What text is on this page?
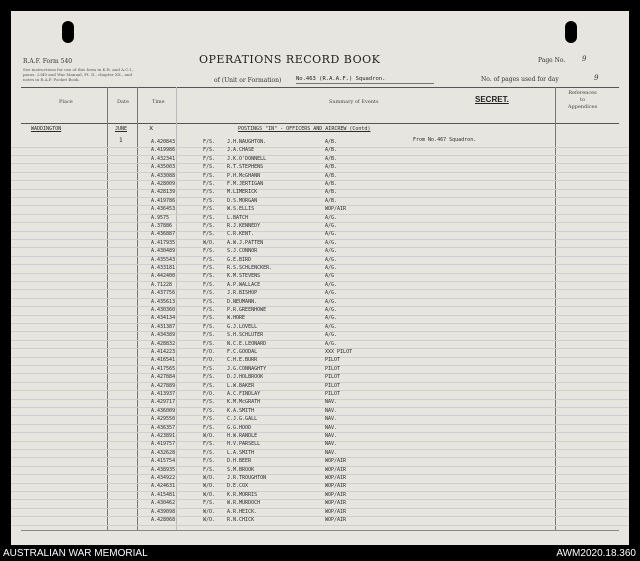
R.A.F. Form 540
See instructions for use of this form in K.R. and A.C.I.,
paras. 2349 and War Manual, Pt. II., chapter XX., and
notes in R.A.F. Pocket Book.
OPERATIONS RECORD BOOK	Page No. 9
of (Unit or Formation)	No.463 (R.A.A.F.) Squadron.	No. of pages used for day	9
Place	Date	Time	Summary of Events	SECRET.
References
to
Appendices
WADDINGTON	JUNE	x	POSTINGS "IN" - OFFICERS AND AIRCREW (Contd)
1	From No.467 Squadron.
A.420843	F/S. J.H.NAUGHTON.	A/B.
A.419986	F/S. J.A.CHASE	A/B.
A.432341	F/S. J.K.O'DONNELL	A/B.
A.435003	F/S. R.T.STEPHENS	A/B.
A.433088	F/S. P.H.McGHANN	A/B.
A.428009	F/S. F.M.JERTIGAN	A/B.
A.428139	F/S. M.LIMERICK	A/B.
A.419786	F/S. D.S.MORGAN	A/B.
A.436453	F/S. W.S.ELLIS	WOP/AIR
A.9575	F/S. L.BATCH	A/G.
A.37886	F/S. R.J.KENNEDY	A/G.
A.436887	F/S. C.R.KENT.	A/G.
A.417935	W/O. A.W.J.PATTEN	A/G.
A.430489	F/S. S.J.CONNOR	A/G.
A.435543	F/S. G.E.BIRD	A/G.
A.433181	F/S. R.S.SCHLENCKER.	A/G.
A.442400	F/S. K.M.STEVENS	A/G
A.71228	F/S. A.P.WALLACE	A/G.
A.437756	F/S. J.R.BISHOP	A/G.
A.435613	F/S. D.NEUMANN.	A/G.
A.430360	F/S. P.R.GREENHOWE	A/G.
A.434134	F/S. W.HORE	A/G.
A.431387	F/S. G.J.LOVELL	A/G.
A.434389	F/S. S.H.SCHLUTER	A/G.
A.428832	F/S. N.C.E.LEONARD	A/G.
A.414223	F/O. F.C.GOODAL	XXX PILOT
A.416541	F/O. C.H.E.BURR	PILOT
A.417565	F/S. J.G.CONNAGHTY	PILOT
A.427884	F/S. D.J.HOLBROOK	PILOT
A.427889	F/S. L.W.BAKER	PILOT
A.413937	F/O. A.C.FINDLAY	PILOT
A.429717	F/S. K.M.McGRATH	NAV.
A.436009	F/S. K.A.SMITH	NAV.
A.429550	F/S. C.J.G.GALL	NAV.
A.436357	F/S. G.G.HOOD	NAV.
A.423891	W/O. H.W.RANDLE	NAV.
A.419757	F/S. H.V.PARSELL	NAV.
A.432628	F/S. L.A.SMITH	NAV.
A.415754	F/S. D.H.BEER	WOP/AIR
A.438935	F/S. S.M.BROOK	WOP/AIR
A.434922	W/O. J.R.TROUGHTON	WOP/AIR
A.424631	W/O. D.E.COX	WOP/AIR
A.415481	W/O. K.R.MORRIS	WOP/AIR
A.430462	F/S. W.R.MURDOCH	WOP/AIR
A.439098	W/O. A.R.HEICK.	WOP/AIR
A.428068	W/O. R.N.CHICK	WOP/AIR
AUSTRALIAN WAR MEMORIAL	AWM2020.18.360
